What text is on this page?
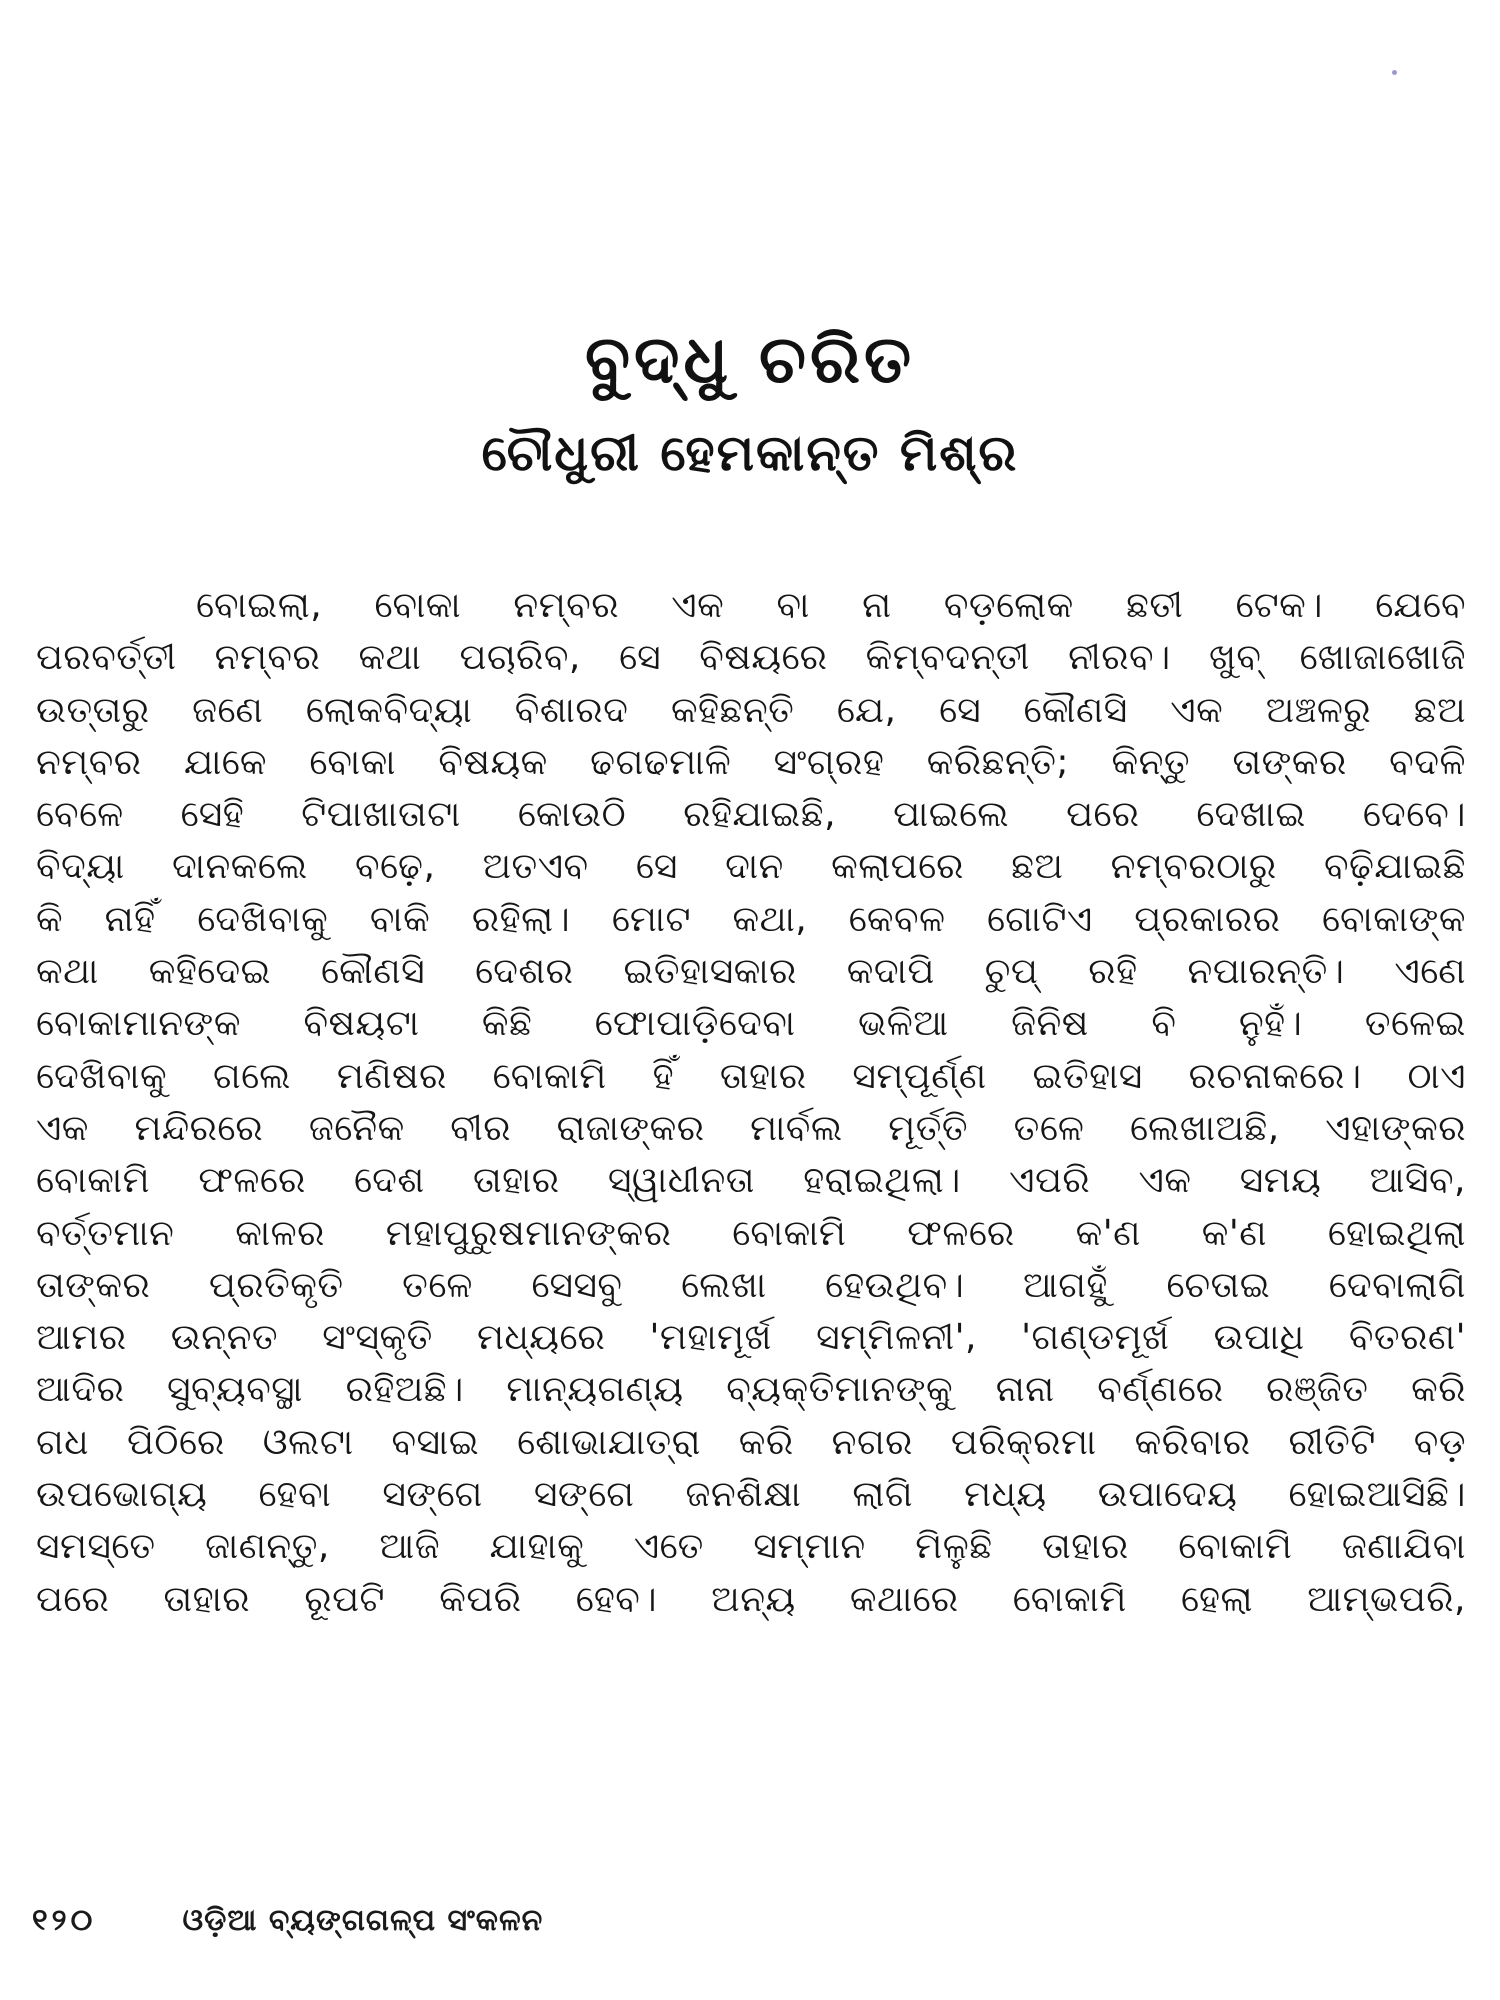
ବୁଦ୍ଧୁ ଚରିତ
ଚୌଧୁରୀ ହେମକାନ୍ତ ମିଶ୍ର
ବୋଇଲା, ବୋକା ନମ୍ବର ଏକ ବା ନା ବଡ଼ଲୋକ ଛତୀ ଟେକ। ଯେବେ
ପରବର୍ତ୍ତୀ ନମ୍ବର କଥା ପଚାରିବ, ସେ ବିଷୟରେ କିମ୍ବଦନ୍ତୀ ନୀରବ। ଖୁବ୍ ଖୋଜାଖୋଜି
ଉତ୍ତାରୁ ଜଣେ ଲୋକବିଦ୍ୟା ବିଶାରଦ କହିଛନ୍ତି ଯେ, ସେ କୌଣସି ଏକ ଅଞ୍ଚଳରୁ ଛଅ
ନମ୍ବର ଯାକେ ବୋକା ବିଷୟକ ଢଗଢମାଳି ସଂଗ୍ରହ କରିଛନ୍ତି; କିନ୍ତୁ ତାଙ୍କର ବଦଳି
ବେଳେ ସେହି ଟିପାଖାତାଟା କୋଉଠି ରହିଯାଇଛି, ପାଇଲେ ପରେ ଦେଖାଇ ଦେବେ।
ବିଦ୍ୟା ଦାନକଲେ ବଢ଼େ, ଅତଏବ ସେ ଦାନ କଲାପରେ ଛଅ ନମ୍ବରଠାରୁ ବଢ଼ିଯାଇଛି
କି ନାହିଁ ଦେଖିବାକୁ ବାକି ରହିଲା। ମୋଟ କଥା, କେବଳ ଗୋଟିଏ ପ୍ରକାରର ବୋକାଙ୍କ
କଥା କହିଦେଇ କୌଣସି ଦେଶର ଇତିହାସକାର କଦାପି ଚୁପ୍ ରହି ନପାରନ୍ତି। ଏଣେ
ବୋକାମାନଙ୍କ ବିଷୟଟା କିଛି ଫୋପାଡ଼ିଦେବା ଭଳିଆ ଜିନିଷ ବି ନୁହଁ। ତଳେଇ
ଦେଖିବାକୁ ଗଲେ ମଣିଷର ବୋକାମି ହିଁ ତାହାର ସମ୍ପୂର୍ଣ୍ଣ ଇତିହାସ ରଚନାକରେ। ଠାଏ
ଏକ ମନ୍ଦିରରେ ଜନୈକ ବୀର ରାଜାଙ୍କର ମାର୍ବଲ ମୂର୍ତ୍ତି ତଳେ ଲେଖାଅଛି, ଏହାଙ୍କର
ବୋକାମି ଫଳରେ ଦେଶ ତାହାର ସ୍ୱାଧୀନତା ହରାଇଥିଲା। ଏପରି ଏକ ସମୟ ଆସିବ,
ବର୍ତ୍ତମାନ କାଳର ମହାପୁରୁଷମାନଙ୍କର ବୋକାମି ଫଳରେ କ'ଣ କ'ଣ ହୋଇଥିଲା
ତାଙ୍କର ପ୍ରତିକୃତି ତଳେ ସେସବୁ ଲେଖା ହେଉଥିବ। ଆଗହୁଁ ଚେତାଇ ଦେବାଲାଗି
ଆମର ଉନ୍ନତ ସଂସ୍କୃତି ମଧ୍ୟରେ 'ମହାମୂର୍ଖ ସମ୍ମିଳନୀ', 'ଗଣ୍ଡମୂର୍ଖ ଉପାଧି ବିତରଣ'
ଆଦିର ସୁବ୍ୟବସ୍ଥା ରହିଅଛି। ମାନ୍ୟଗଣ୍ୟ ବ୍ୟକ୍ତିମାନଙ୍କୁ ନାନା ବର୍ଣ୍ଣରେ ରଞ୍ଜିତ କରି
ଗଧ ପିଠିରେ ଓଲଟା ବସାଇ ଶୋଭାଯାତ୍ରା କରି ନଗର ପରିକ୍ରମା କରିବାର ରୀତିଟି ବଡ଼
ଉପଭୋଗ୍ୟ ହେବା ସଙ୍ଗେ ସଙ୍ଗେ ଜନଶିକ୍ଷା ଲାଗି ମଧ୍ୟ ଉପାଦେୟ ହୋଇଆସିଛି।
ସମସ୍ତେ ଜାଣନ୍ତୁ, ଆଜି ଯାହାକୁ ଏତେ ସମ୍ମାନ ମିଳୁଛି ତାହାର ବୋକାମି ଜଣାଯିବା
ପରେ ତାହାର ରୂପଟି କିପରି ହେବ। ଅନ୍ୟ କଥାରେ ବୋକାମି ହେଲା ଆମ୍ଭପରି,
୧୨୦	ଓଡ଼ିଆ ବ୍ୟଙ୍ଗଗଳ୍ପ ସଂକଳନ
